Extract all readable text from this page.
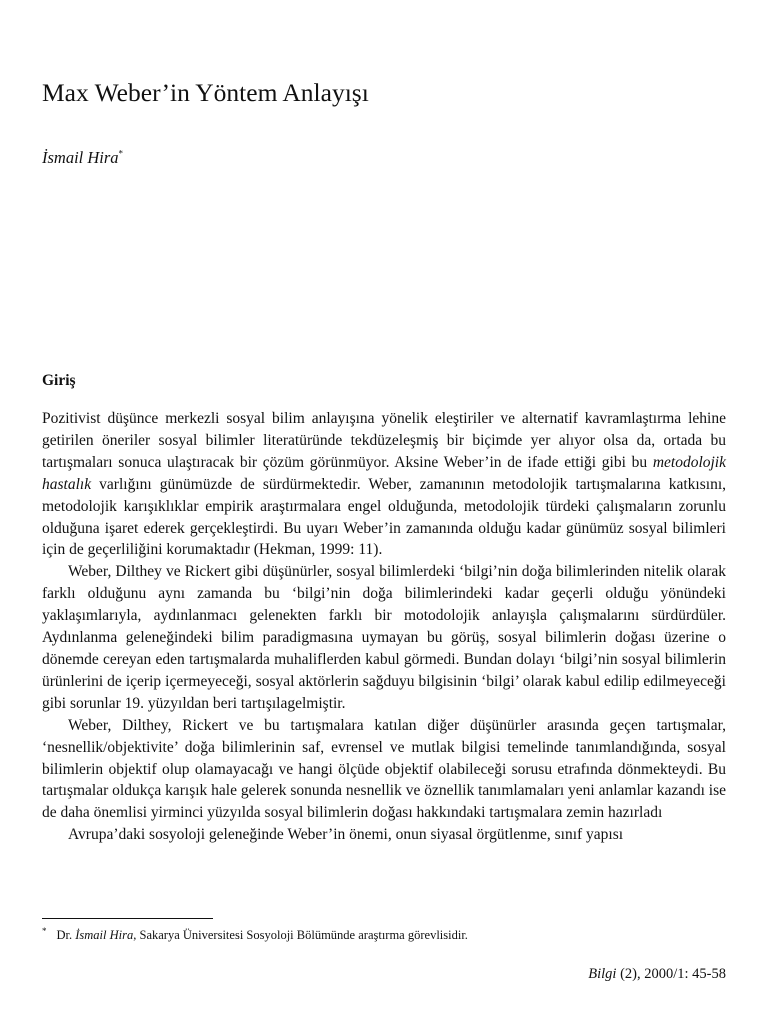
Max Weber’in Yöntem Anlayışı
İsmail Hira*
Giriş

Pozitivist düşünce merkezli sosyal bilim anlayışına yönelik eleştiriler ve alternatif kavramlaştırma lehine getirilen öneriler sosyal bilimler literatüründe tekdüzeleşmiş bir biçimde yer alıyor olsa da, ortada bu tartışmaları sonuca ulaştıracak bir çözüm görünmüyor. Aksine Weber’in de ifade ettiği gibi bu metodolojik hastalık varlığını günümüzde de sürdürmektedir. Weber, zamanının metodolojik tartışmalarına katkısını, metodolojik karışıklıklar empirik araştırmalara engel olduğunda, metodolojik türdeki çalışmaların zorunlu olduğuna işaret ederek gerçekleştirdi. Bu uyarı Weber’in zamanında olduğu kadar günümüz sosyal bilimleri için de geçerliliğini korumaktadır (Hekman, 1999: 11).

Weber, Dilthey ve Rickert gibi düşünürler, sosyal bilimlerdeki ‘bilgi’nin doğa bilimlerinden nitelik olarak farklı olduğunu aynı zamanda bu ‘bilgi’nin doğa bilimlerindeki kadar geçerli olduğu yönündeki yaklaşımlarıyla, aydınlanmacı gelenekten farklı bir motodolojik anlayışla çalışmalarını sürdürdüler. Aydınlanma geleneğindeki bilim paradigmasına uymayan bu görüş, sosyal bilimlerin doğası üzerine o dönemde cereyan eden tartışmalarda muhaliflerden kabul görmedi. Bundan dolayı ‘bilgi’nin sosyal bilimlerin ürünlerini de içerip içermeyeceği, sosyal aktörlerin sağduyu bilgisinin ‘bilgi’ olarak kabul edilip edilmeyeceği gibi sorunlar 19. yüzyıldan beri tartışılagelmiştir.

Weber, Dilthey, Rickert ve bu tartışmalara katılan diğer düşünürler arasında geçen tartışmalar, ‘nesnellik/objektivite’ doğa bilimlerinin saf, evrensel ve mutlak bilgisi temelinde tanımlandığında, sosyal bilimlerin objektif olup olamayacağı ve hangi ölçüde objektif olabileceği sorusu etrafında dönmekteydi. Bu tartışmalar oldukça karışık hale gelerek sonunda nesnellik ve öznellik tanımlamaları yeni anlamlar kazandı ise de daha önemlisi yirminci yüzyılda sosyal bilimlerin doğası hakkındaki tartışmalara zemin hazırladı

Avrupa’daki sosyoloji geleneğinde Weber’in önemi, onun siyasal örgütlenme, sınıf yapısı

* Dr. İsmail Hira, Sakarya Üniversitesi Sosyoloji Bölümünde araştırma görevlisidir.
Bilgi (2), 2000/1: 45-58
